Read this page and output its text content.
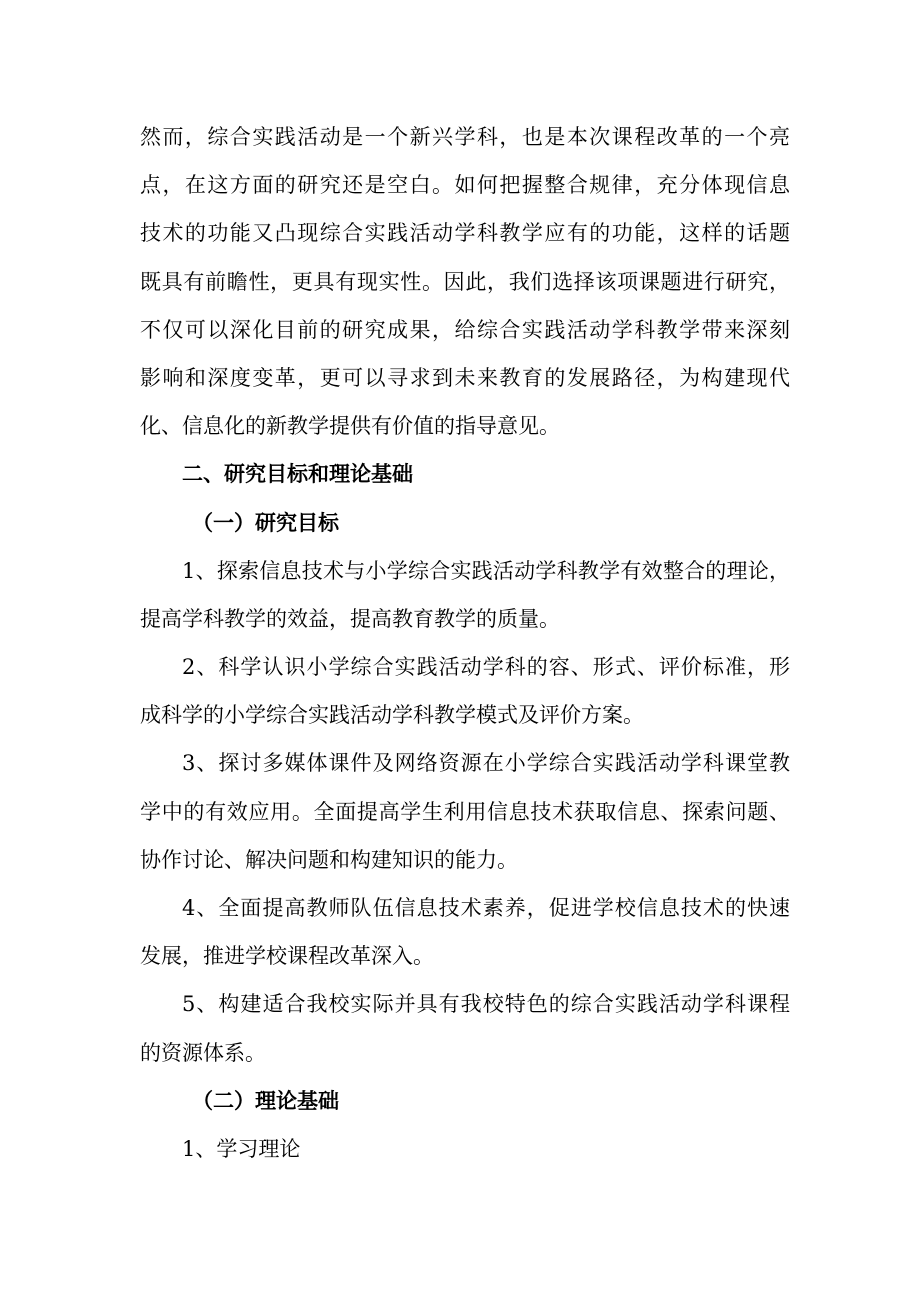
然而，综合实践活动是一个新兴学科，也是本次课程改革的一个亮
点，在这方面的研究还是空白。如何把握整合规律，充分体现信息
技术的功能又凸现综合实践活动学科教学应有的功能，这样的话题
既具有前瞻性，更具有现实性。因此，我们选择该项课题进行研究，
不仅可以深化目前的研究成果，给综合实践活动学科教学带来深刻
影响和深度变革，更可以寻求到未来教育的发展路径，为构建现代
化、信息化的新教学提供有价值的指导意见。
二、研究目标和理论基础
（一）研究目标
1、探索信息技术与小学综合实践活动学科教学有效整合的理论，
提高学科教学的效益，提高教育教学的质量。
2、科学认识小学综合实践活动学科的容、形式、评价标准，形
成科学的小学综合实践活动学科教学模式及评价方案。
3、探讨多媒体课件及网络资源在小学综合实践活动学科课堂教
学中的有效应用。全面提高学生利用信息技术获取信息、探索问题、
协作讨论、解决问题和构建知识的能力。
4、全面提高教师队伍信息技术素养，促进学校信息技术的快速
发展，推进学校课程改革深入。
5、构建适合我校实际并具有我校特色的综合实践活动学科课程
的资源体系。
（二）理论基础
1、学习理论
